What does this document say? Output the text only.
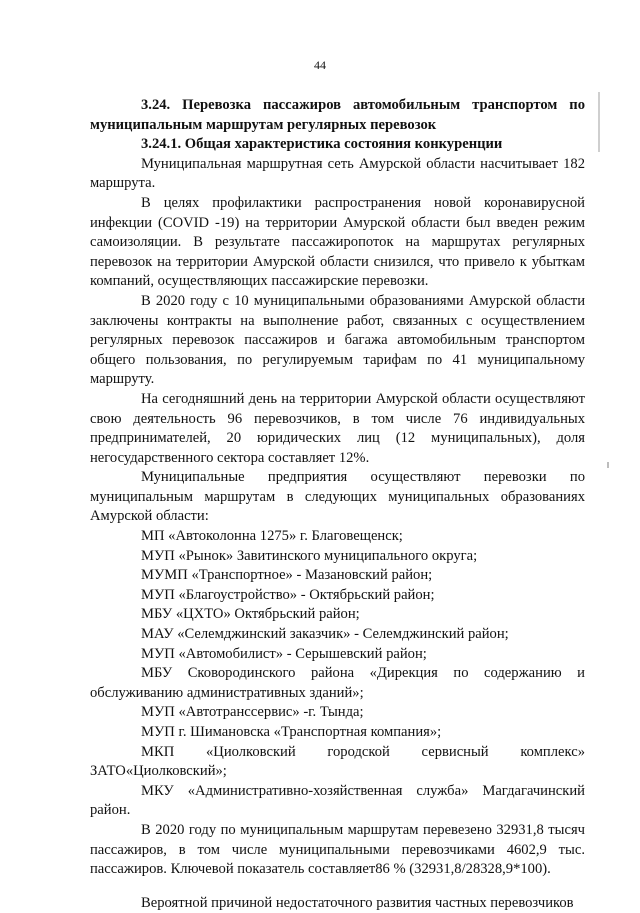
44

3.24. Перевозка пассажиров автомобильным транспортом по муниципальным маршрутам регулярных перевозок

3.24.1. Общая характеристика состояния конкуренции

Муниципальная маршрутная сеть Амурской области насчитывает 182 маршрута.

В целях профилактики распространения новой коронавирусной инфекции (COVID -19) на территории Амурской области был введен режим самоизоляции. В результате пассажиропоток на маршрутах регулярных перевозок на территории Амурской области снизился, что привело к убыткам компаний, осуществляющих пассажирские перевозки.

В 2020 году с 10 муниципальными образованиями Амурской области заключены контракты на выполнение работ, связанных с осуществлением регулярных перевозок пассажиров и багажа автомобильным транспортом общего пользования, по регулируемым тарифам по 41 муниципальному маршруту.

На сегодняшний день на территории Амурской области осуществляют свою деятельность 96 перевозчиков, в том числе 76 индивидуальных предпринимателей, 20 юридических лиц (12 муниципальных), доля негосударственного сектора составляет 12%.

Муниципальные предприятия осуществляют перевозки по муниципальным маршрутам в следующих муниципальных образованиях Амурской области:

МП «Автоколонна 1275» г. Благовещенск;

МУП «Рынок» Завитинского муниципального округа;

МУМП «Транспортное» - Мазановский район;

МУП «Благоустройство» - Октябрьский район;

МБУ «ЦХТО» Октябрьский район;

МАУ «Селемджинский заказчик» - Селемджинский район;

МУП «Автомобилист» - Серышевский район;

МБУ Сковородинского района «Дирекция по содержанию и обслуживанию административных зданий»;

МУП «Автотранссервис» -г. Тында;

МУП г. Шимановска «Транспортная компания»;

МКП «Циолковский городской сервисный комплекс» ЗАТО«Циолковский»;

МКУ «Административно-хозяйственная служба» Магдагачинский район.

В 2020 году по муниципальным маршрутам перевезено 32931,8 тысяч пассажиров, в том числе муниципальными перевозчиками 4602,9 тыс. пассажиров. Ключевой показатель составляет86 % (32931,8/28328,9*100).

Вероятной причиной недостаточного развития частных перевозчиков
